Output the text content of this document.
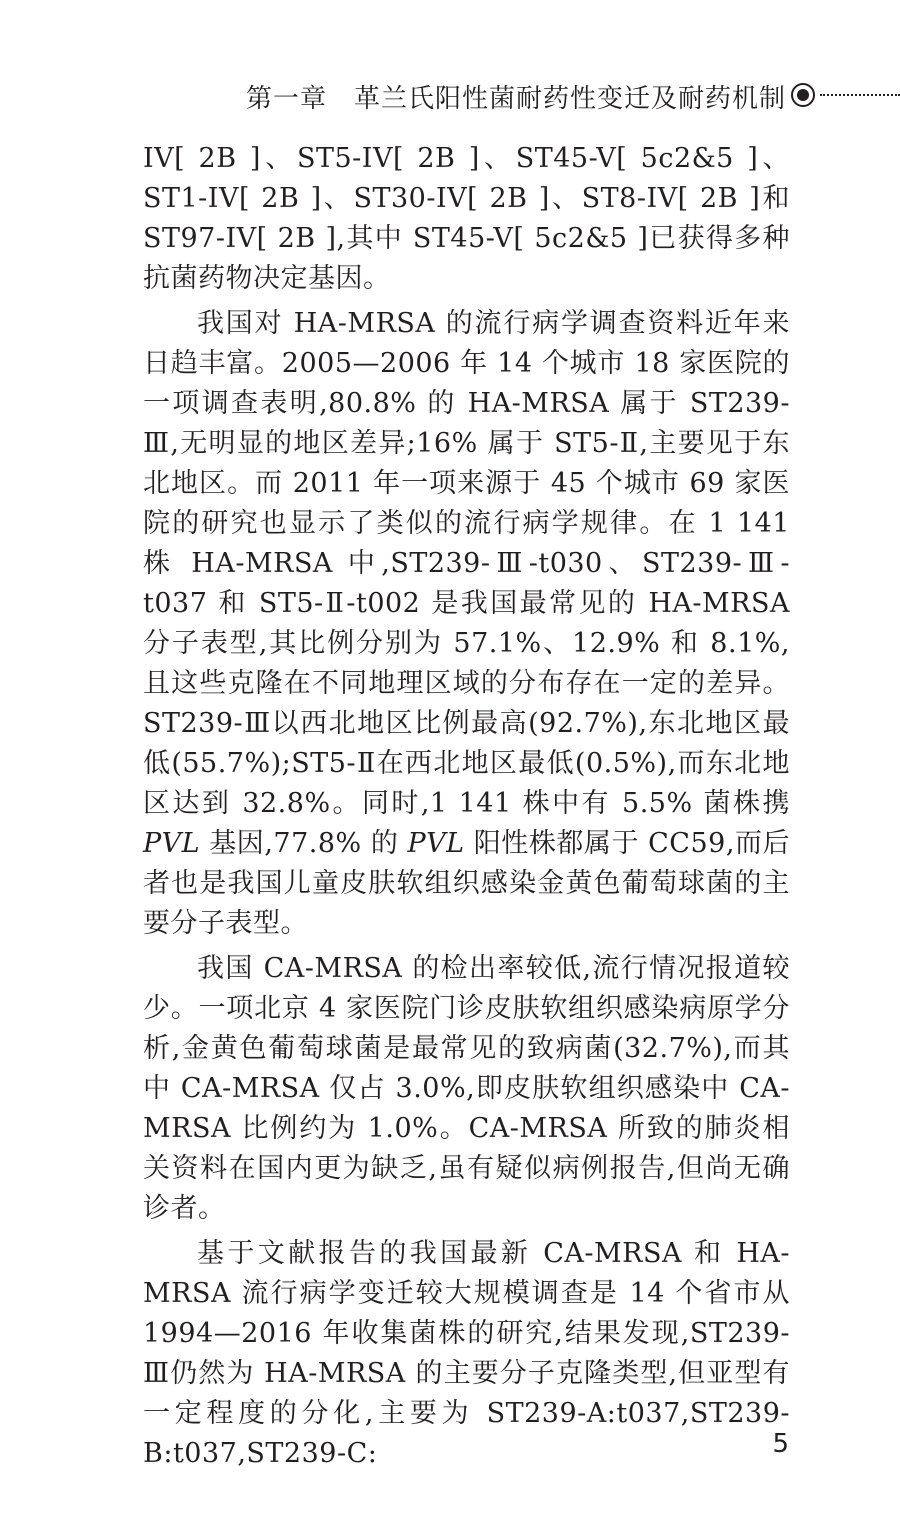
第一章　革兰氏阳性菌耐药性变迁及耐药机制

IV[ 2B ]、ST5-IV[ 2B ]、ST45-V[ 5c2&5 ]、ST1-IV[ 2B ]、ST30-IV[ 2B ]、ST8-IV[ 2B ]和 ST97-IV[ 2B ],其中 ST45-V[ 5c2&5 ]已获得多种抗菌药物决定基因。

我国对 HA-MRSA 的流行病学调查资料近年来日趋丰富。2005—2006 年 14 个城市 18 家医院的一项调查表明,80.8% 的 HA-MRSA 属于 ST239-Ⅲ,无明显的地区差异;16% 属于 ST5-Ⅱ,主要见于东北地区。而 2011 年一项来源于 45 个城市 69 家医院的研究也显示了类似的流行病学规律。在 1 141 株 HA-MRSA 中,ST239-Ⅲ-t030、ST239-Ⅲ-t037 和 ST5-Ⅱ-t002 是我国最常见的 HA-MRSA 分子表型,其比例分别为 57.1%、12.9% 和 8.1%,且这些克隆在不同地理区域的分布存在一定的差异。ST239-Ⅲ以西北地区比例最高(92.7%),东北地区最低(55.7%);ST5-Ⅱ在西北地区最低(0.5%),而东北地区达到 32.8%。同时,1 141 株中有 5.5% 菌株携 PVL 基因,77.8% 的 PVL 阳性株都属于 CC59,而后者也是我国儿童皮肤软组织感染金黄色葡萄球菌的主要分子表型。

我国 CA-MRSA 的检出率较低,流行情况报道较少。一项北京 4 家医院门诊皮肤软组织感染病原学分析,金黄色葡萄球菌是最常见的致病菌(32.7%),而其中 CA-MRSA 仅占 3.0%,即皮肤软组织感染中 CA-MRSA 比例约为 1.0%。CA-MRSA 所致的肺炎相关资料在国内更为缺乏,虽有疑似病例报告,但尚无确诊者。

基于文献报告的我国最新 CA-MRSA 和 HA-MRSA 流行病学变迁较大规模调查是 14 个省市从 1994—2016 年收集菌株的研究,结果发现,ST239-Ⅲ仍然为 HA-MRSA 的主要分子克隆类型,但亚型有一定程度的分化,主要为 ST239-A:t037,ST239-B:t037,ST239-C:	5
